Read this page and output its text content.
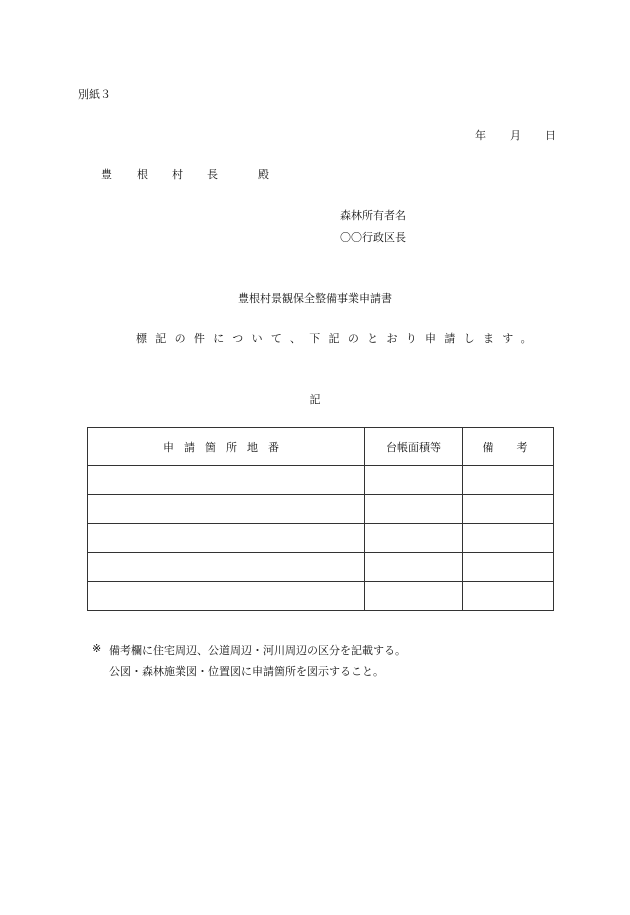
別紙３
年 月 日
豊 根 村 長	殿
森林所有者名
〇〇行政区長
豊根村景観保全整備事業申請書
標記の件について、下記のとおり申請します。
記
申請箇所地番	台帳面積等	備　考

※ 備考欄に住宅周辺、公道周辺・河川周辺の区分を記載する。
公図・森林施業図・位置図に申請箇所を図示すること。
